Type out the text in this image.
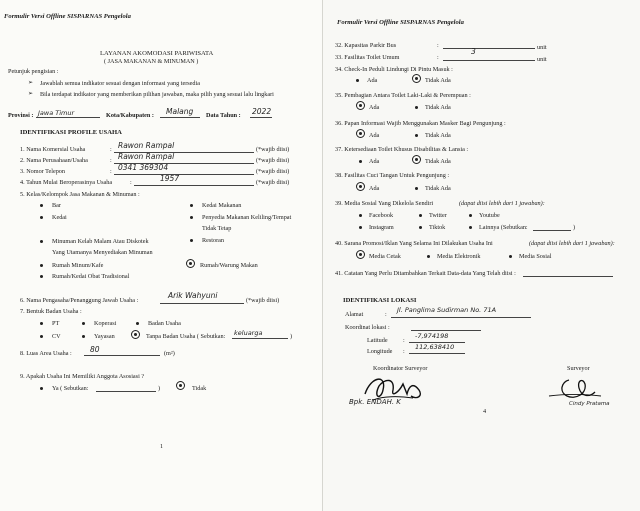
Formulir Versi Offline SISPARNAS Pengelola
LAYANAN AKOMODASI PARIWISATA
( JASA MAKANAN & MINUMAN )
Petunjuk pengisian :
➢ Jawablah semua indikator sesuai dengan informasi yang tersedia
➢ Bila terdapat indikator yang memberikan pilihan jawaban, maka pilih yang sesuai lalu lingkari
Provinsi : Jawa Timur	Kota/Kabupaten : Malang Data Tahun : 2022
IDENTIFIKASI PROFILE USAHA
1. Nama Komersial Usaha	: Rawon Rampal	(*wajib diisi)
2. Nama Perusahaan/Usaha	: Rawon Rampal	(*wajib diisi)
3. Nomor Telepon	: 0341 369304	(*wajib diisi)
4. Tahun Mulai Beroperasinya Usaha	:	1957	(*wajib diisi)
5. Kelas/Kelompok Jasa Makanan & Minuman :
Bar	Kedai Makanan
Kedai	Penyedia Makanan Keliling/Tempat
Tidak Tetap
Restoran
Minuman Kelab Malam Atau Diskotek
Yang Utamanya Menyediakan Minuman
Rumah Minum/Kafe	Rumah/Warung Makan
Rumah/Kedai Obat Tradisional
6. Nama Pengasaha/Penanggung Jawab Usaha :
Arik Wahyuni
(*wajib diisi)
7. Bentuk Badan Usaha :
PT	Koperasi	Badan Usaha
CV	Yayasan	Tanpa Badan Usaha ( Sebutkan: keluarga	)
8. Luas Area Usaha : 80	(m²)
9. Apakah Usaha Ini Memiliki Anggota Asosiasi ?
Ya ( Sebutkan:	)	Tidak
1
Formulir Versi Offline SISPARNAS Pengelola
32. Kapasitas Parkir Bus	:	unit
33. Fasilitas Toilet Umum	:
3
unit
34. Check-In Peduli Lindungi Di Pintu Masuk :
Ada	Tidak Ada
35. Pembagian Antara Toilet Laki-Laki & Perempuan :
Ada	Tidak Ada
36. Papan Informasi Wajib Menggunakan Masker Bagi Pengunjung :
Ada	Tidak Ada
37. Ketersediaan Toilet Khusus Disabilitas & Lansia :
Ada	Tidak Ada
38. Fasilitas Cuci Tangan Untuk Pengunjung :
Ada	Tidak Ada
39. Media Sosial Yang Dikelola Sendiri	(dapat diisi lebih dari 1 jawaban):
Facebook	Twitter	Youtube
Instagram	Tiktok	Lainnya (Sebutkan:	)
40. Sarana Promosi/Iklan Yang Selama Ini Dilakukan Usaha Ini	(dapat diisi lebih dari 1 jawaban):
Media Cetak	Media Elektronik	Media Sosial
41. Catatan Yang Perlu Ditambahkan Terkait Data-data Yang Telah diisi :
IDENTIFIKASI LOKASI
Alamat	:
Jl. Panglima Sudirman No. 71A
Koordinat lokasi :
Latitude :
-7,974198
Longitude :
112,638410
Koordinator Surveyor	Surveyor
Bpk. ENDAH. K	Cindy Pratama
4
